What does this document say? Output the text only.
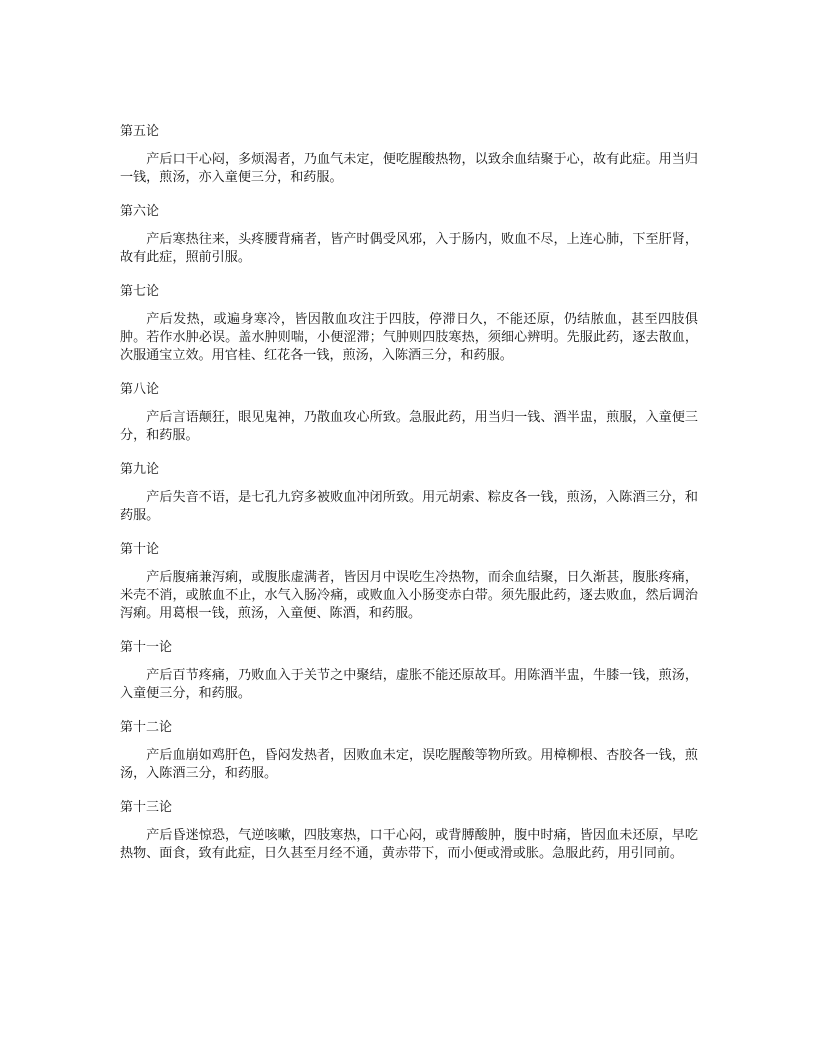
第五论

产后口干心闷，多烦渴者，乃血气未定，便吃腥酸热物，以致余血结聚于心，故有此症。用当归一钱，煎汤，亦入童便三分，和药服。

第六论

产后寒热往来，头疼腰背痛者，皆产时偶受风邪，入于肠内，败血不尽，上连心肺，下至肝肾，故有此症，照前引服。

第七论

产后发热，或遍身寒冷，皆因散血攻注于四肢，停滞日久，不能还原，仍结脓血，甚至四肢俱肿。若作水肿必误。盖水肿则喘，小便涩滞；气肿则四肢寒热，须细心辨明。先服此药，逐去散血，次服通宝立效。用官桂、红花各一钱，煎汤，入陈酒三分，和药服。

第八论

产后言语颠狂，眼见鬼神，乃散血攻心所致。急服此药，用当归一钱、酒半盅，煎服，入童便三分，和药服。

第九论

产后失音不语，是七孔九窍多被败血冲闭所致。用元胡索、粽皮各一钱，煎汤，入陈酒三分，和药服。

第十论

产后腹痛兼泻痢，或腹胀虚满者，皆因月中误吃生冷热物，而余血结聚，日久渐甚，腹胀疼痛，米壳不消，或脓血不止，水气入肠冷痛，或败血入小肠变赤白带。须先服此药，逐去败血，然后调治泻痢。用葛根一钱，煎汤，入童便、陈酒，和药服。

第十一论

产后百节疼痛，乃败血入于关节之中聚结，虚胀不能还原故耳。用陈酒半盅，牛膝一钱，煎汤，入童便三分，和药服。

第十二论

产后血崩如鸡肝色，昏闷发热者，因败血未定，误吃腥酸等物所致。用樟柳根、杏胶各一钱，煎汤，入陈酒三分，和药服。

第十三论

产后昏迷惊恐，气逆咳嗽，四肢寒热，口干心闷，或背膊酸肿，腹中时痛，皆因血未还原，早吃热物、面食，致有此症，日久甚至月经不通，黄赤带下，而小便或滑或胀。急服此药，用引同前。
